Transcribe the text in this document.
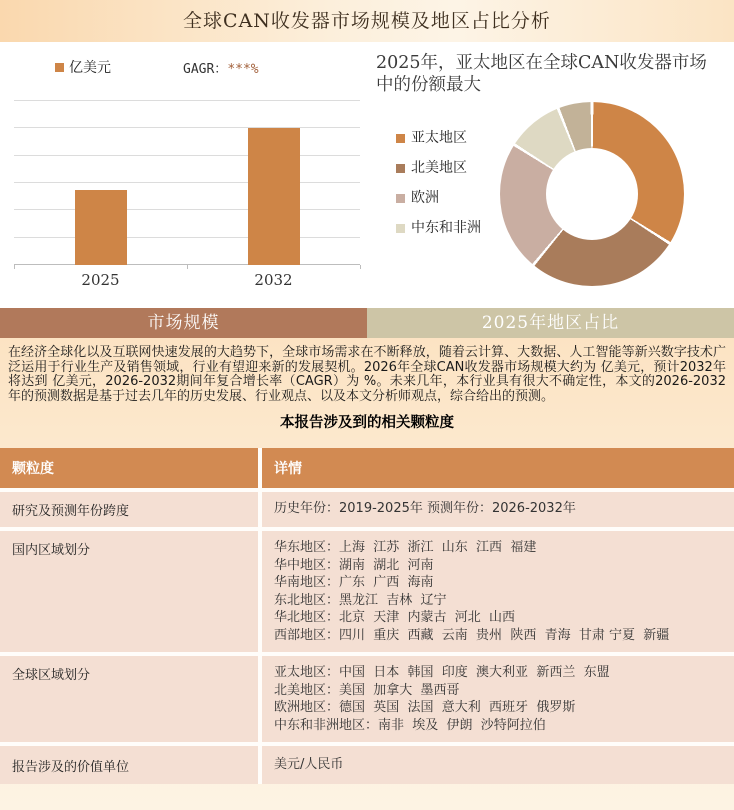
全球CAN收发器市场规模及地区占比分析
亿美元	GAGR：***%
2025	2032
2025年，亚太地区在全球CAN收发器市场
中的份额最大
亚太地区
北美地区
欧洲
中东和非洲
市场规模	2025年地区占比
在经济全球化以及互联网快速发展的大趋势下，全球市场需求在不断释放，随着云计算、大数据、人工智能等新兴数字技术广泛运用于行业生产及销售领域，行业有望迎来新的发展契机。2026年全球CAN收发器市场规模大约为 亿美元，预计2032年将达到 亿美元，2026-2032期间年复合增长率（CAGR）为 %。未来几年，本行业具有很大不确定性，本文的2026-2032年的预测数据是基于过去几年的历史发展、行业观点、以及本文分析师观点，综合给出的预测。
本报告涉及到的相关颗粒度
颗粒度	详情
研究及预测年份跨度	历史年份：2019-2025年 预测年份：2026-2032年
国内区域划分	华东地区：上海  江苏  浙江  山东  江西  福建
华中地区：湖南  湖北  河南
华南地区：广东  广西  海南
东北地区：黑龙江  吉林  辽宁
华北地区：北京  天津  内蒙古  河北  山西
西部地区：四川  重庆  西藏  云南  贵州  陕西  青海  甘肃 宁夏  新疆
全球区域划分	亚太地区：中国  日本  韩国  印度  澳大利亚  新西兰  东盟
北美地区：美国  加拿大  墨西哥
欧洲地区：德国  英国  法国  意大利  西班牙  俄罗斯
中东和非洲地区：南非  埃及  伊朗  沙特阿拉伯
报告涉及的价值单位	美元/人民币
